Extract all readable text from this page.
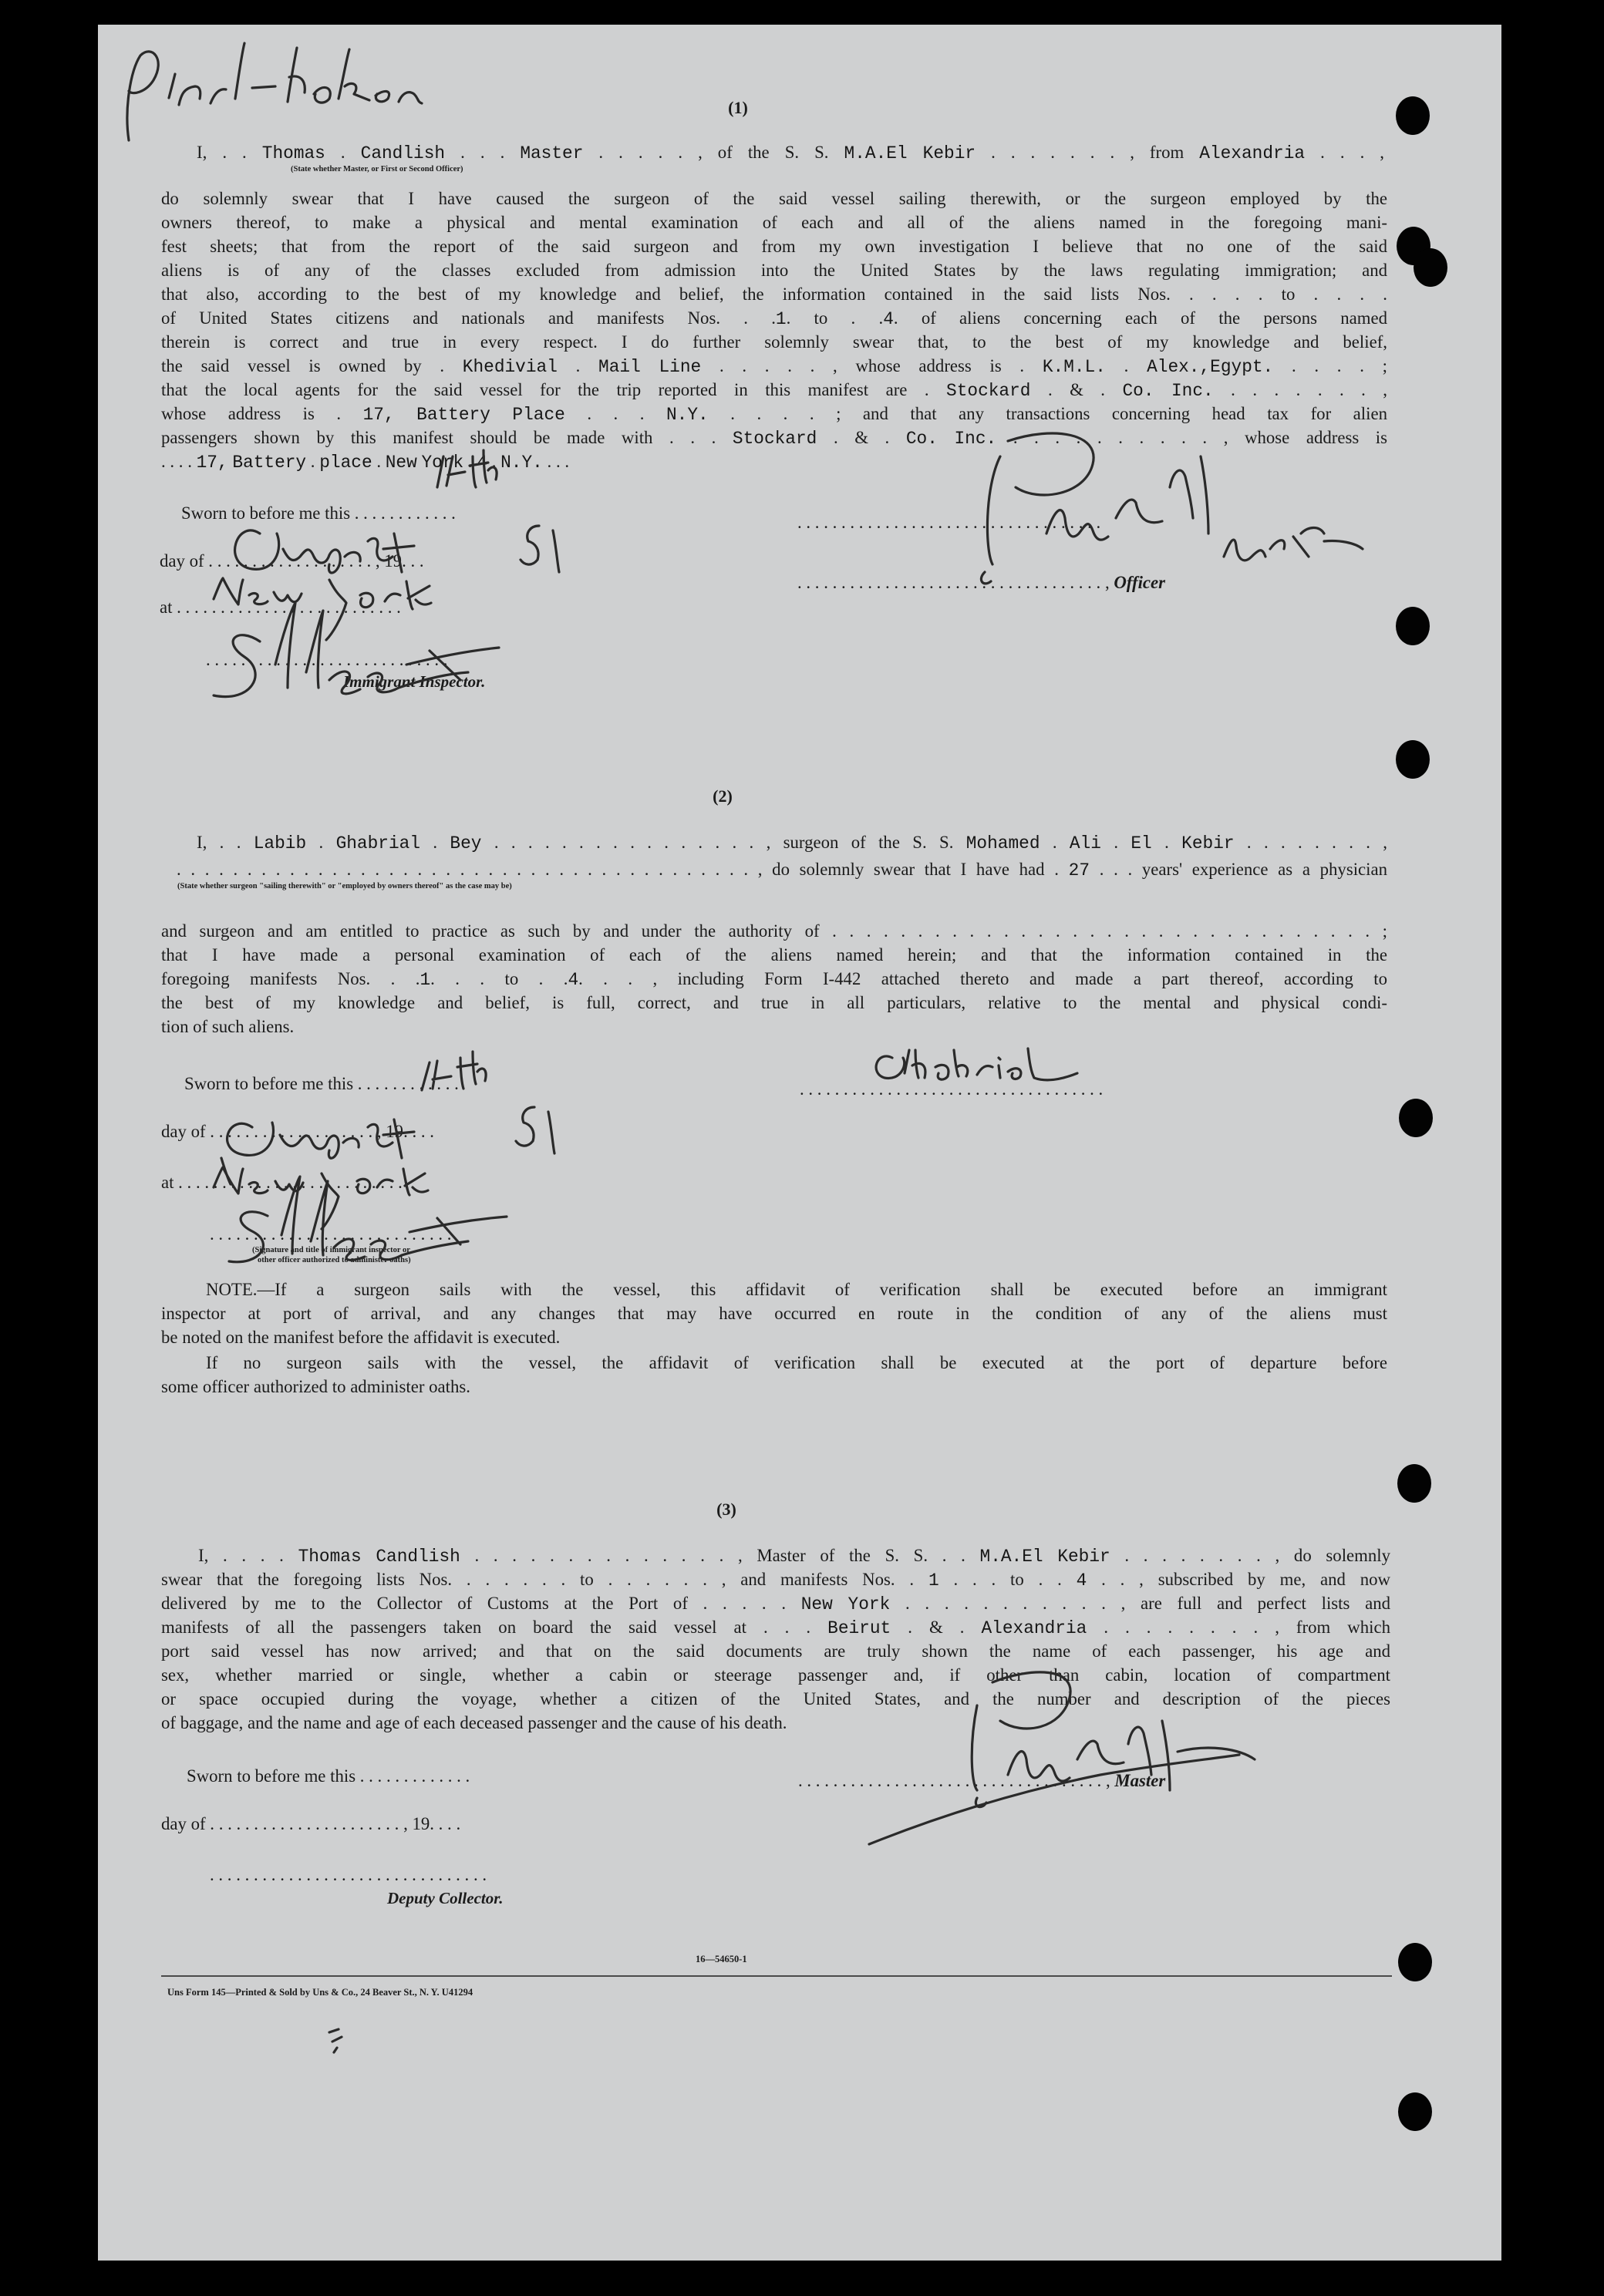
(1)
I, . . Thomas . Candlish . . . Master . . . . . , of the S. S. M.A.El Kebir . . . . . . . , from Alexandria . . . ,
(State whether Master, or First or Second Officer)
do solemnly swear that I have caused the surgeon of the said vessel sailing therewith, or the surgeon employed by the
owners thereof, to make a physical and mental examination of each and all of the aliens named in the foregoing mani-
fest sheets; that from the report of the said surgeon and from my own investigation I believe that no one of the said
aliens is of any of the classes excluded from admission into the United States by the laws regulating immigration; and
that also, according to the best of my knowledge and belief, the information contained in the said lists Nos. . . . . to . . . .
of United States citizens and nationals and manifests Nos. . .1. to . .4. of aliens concerning each of the persons named
therein is correct and true in every respect. I do further solemnly swear that, to the best of my knowledge and belief,
the said vessel is owned by . Khedivial . Mail Line . . . . . , whose address is . K.M.L. . Alex.,Egypt. . . . . ;
that the local agents for the said vessel for the trip reported in this manifest are . Stockard . & . Co. Inc. . . . . . . . ,
whose address is . 17, Battery Place . . . N.Y. . . . . ; and that any transactions concerning head tax for alien
passengers shown by this manifest should be made with . . . Stockard . & . Co. Inc. . . . . . . . . . . , whose address is
. . . . 17, Battery . place . New York . 4 . N.Y. . . .
Sworn to before me this . . . . . . . . . . . .
day of . . . . . . . . . . . . . . . . . . . , 19. . .
at . . . . . . . . . . . . . . . . . . . . . . . . . .
. . . . . . . . . . . . . . . . . . . . . . . . . . . .
Immigrant Inspector.
. . . . . . . . . . . . . . . . . . . . . . . . . . . . . . . . . . .
. . . . . . . . . . . . . . . . . . . . . . . . . . . . . . . . . . . , Officer
(2)
I, . . Labib . Ghabrial . Bey . . . . . . . . . . . . . . . . , surgeon of the S. S. Mohamed . Ali . El . Kebir . . . . . . . . ,
. . . . . . . . . . . . . . . . . . . . . . . . . . . . . . . . . . . . . . . . . , do solemnly swear that I have had . 27 . . . years' experience as a physician
(State whether surgeon "sailing therewith" or "employed by owners thereof" as the case may be)
and surgeon and am entitled to practice as such by and under the authority of . . . . . . . . . . . . . . . . . . . . . . . . . . . . . . . . ;
that I have made a personal examination of each of the aliens named herein; and that the information contained in the
foregoing manifests Nos. . .1. . . to . .4. . . , including Form I-442 attached thereto and made a part thereof, according to
the best of my knowledge and belief, is full, correct, and true in all particulars, relative to the mental and physical condi-
tion of such aliens.
Sworn to before me this . . . . . . . . . . . .
day of . . . . . . . . . . . . . . . . . . . , 19. . . .
at . . . . . . . . . . . . . . . . . . . . . . . . . .
. . . . . . . . . . . . . . . . . . . . . . . . . . . .
(Signature and title of immigrant inspector or
other officer authorized to administer oaths)
. . . . . . . . . . . . . . . . . . . . . . . . . . . . . . . . . . .
NOTE.—If a surgeon sails with the vessel, this affidavit of verification shall be executed before an immigrant
inspector at port of arrival, and any changes that may have occurred en route in the condition of any of the aliens must
be noted on the manifest before the affidavit is executed.
If no surgeon sails with the vessel, the affidavit of verification shall be executed at the port of departure before
some officer authorized to administer oaths.
(3)
I, . . . . Thomas Candlish . . . . . . . . . . . . . . , Master of the S. S. . . M.A.El Kebir . . . . . . . . , do solemnly
swear that the foregoing lists Nos. . . . . . . to . . . . . . , and manifests Nos. . 1 . . . to . . 4 . . , subscribed by me, and now
delivered by me to the Collector of Customs at the Port of . . . . . New York . . . . . . . . . . . , are full and perfect lists and
manifests of all the passengers taken on board the said vessel at . . . Beirut . & . Alexandria . . . . . . . . , from which
port said vessel has now arrived; and that on the said documents are truly shown the name of each passenger, his age and
sex, whether married or single, whether a cabin or steerage passenger and, if other than cabin, location of compartment
or space occupied during the voyage, whether a citizen of the United States, and the number and description of the pieces
of baggage, and the name and age of each deceased passenger and the cause of his death.
Sworn to before me this . . . . . . . . . . . . .	. . . . . . . . . . . . . . . . . . . . . . . . . . . . . . . . . . . , Master
day of . . . . . . . . . . . . . . . . . . . . . . , 19. . . .
. . . . . . . . . . . . . . . . . . . . . . . . . . . . . . . .
Deputy Collector.
16—54650-1
Uns Form 145—Printed & Sold by Uns & Co., 24 Beaver St., N. Y. U41294
